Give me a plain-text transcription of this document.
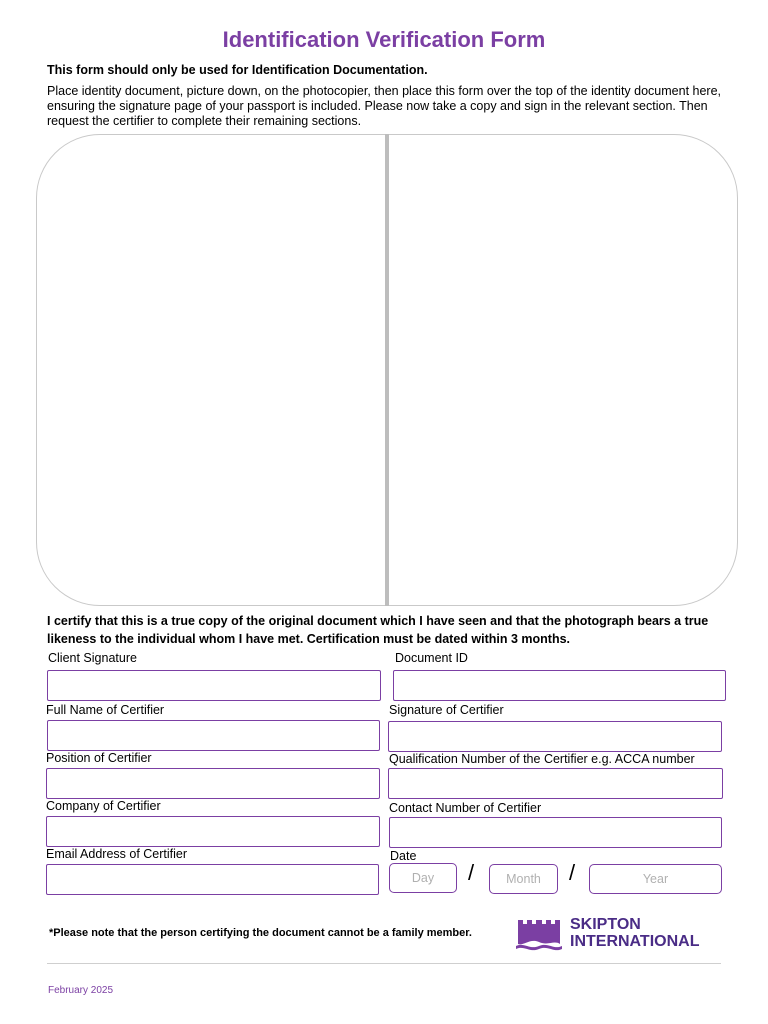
Identification Verification Form
This form should only be used for Identification Documentation.
Place identity document, picture down, on the photocopier, then place this form over the top of the identity document here, ensuring the signature page of your passport is included. Please now take a copy and sign in the relevant section. Then request the certifier to complete their remaining sections.
I certify that this is a true copy of the original document which I have seen and that the photograph bears a true likeness to the individual whom I have met. Certification must be dated within 3 months.
Client Signature	Document ID
Full Name of Certifier	Signature of Certifier
Position of Certifier	Qualification Number of the Certifier e.g. ACCA number
Company of Certifier	Contact Number of Certifier
Email Address of Certifier	Date
Day	/	Month	/	Year
*Please note that the person certifying the document cannot be a family member.	SKIPTON
INTERNATIONAL
February 2025
